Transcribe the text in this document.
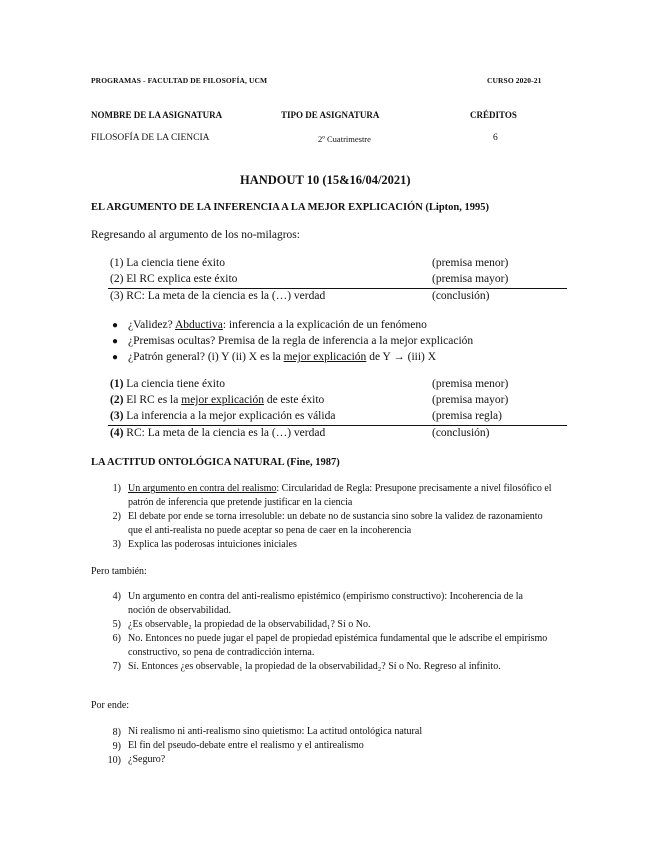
PROGRAMAS - FACULTAD DE FILOSOFÍA, UCM	CURSO 2020-21
NOMBRE DE LA ASIGNATURA	TIPO DE ASIGNATURA	CRÉDITOS
FILOSOFÍA DE LA CIENCIA	2º Cuatrimestre	6
HANDOUT 10 (15&16/04/2021)
EL ARGUMENTO DE LA INFERENCIA A LA MEJOR EXPLICACIÓN (Lipton, 1995)
Regresando al argumento de los no-milagros:
(1) La ciencia tiene éxito	(premisa menor)
(2) El RC explica este éxito	(premisa mayor)
(3) RC: La meta de la ciencia es la (…) verdad	(conclusión)
● ¿Validez? Abductiva: inferencia a la explicación de un fenómeno
● ¿Premisas ocultas? Premisa de la regla de inferencia a la mejor explicación
● ¿Patrón general? (i) Y (ii) X es la mejor explicación de Y → (iii) X
(1) La ciencia tiene éxito	(premisa menor)
(2) El RC es la mejor explicación de este éxito	(premisa mayor)
(3) La inferencia a la mejor explicación es válida	(premisa regla)
(4) RC: La meta de la ciencia es la (…) verdad	(conclusión)
LA ACTITUD ONTOLÓGICA NATURAL (Fine, 1987)
1) Un argumento en contra del realismo: Circularidad de Regla: Presupone precisamente a nivel filosófico el patrón de inferencia que pretende justificar en la ciencia
2) El debate por ende se torna irresoluble: un debate no de sustancia sino sobre la validez de razonamiento que el anti-realista no puede aceptar so pena de caer en la incoherencia
3) Explica las poderosas intuiciones iniciales
Pero también:
4) Un argumento en contra del anti-realismo epistémico (empirismo constructivo): Incoherencia de la noción de observabilidad.
5) ¿Es observable₂ la propiedad de la observabilidad₁? Sí o No.
6) No. Entonces no puede jugar el papel de propiedad epistémica fundamental que le adscribe el empirismo constructivo, so pena de contradicción interna.
7) Sí. Entonces ¿es observable₁ la propiedad de la observabilidad₂? Sí o No. Regreso al infinito.
Por ende:
8) Ni realismo ni anti-realismo sino quietismo: La actitud ontológica natural
9) El fin del pseudo-debate entre el realismo y el antirealismo
10) ¿Seguro?
